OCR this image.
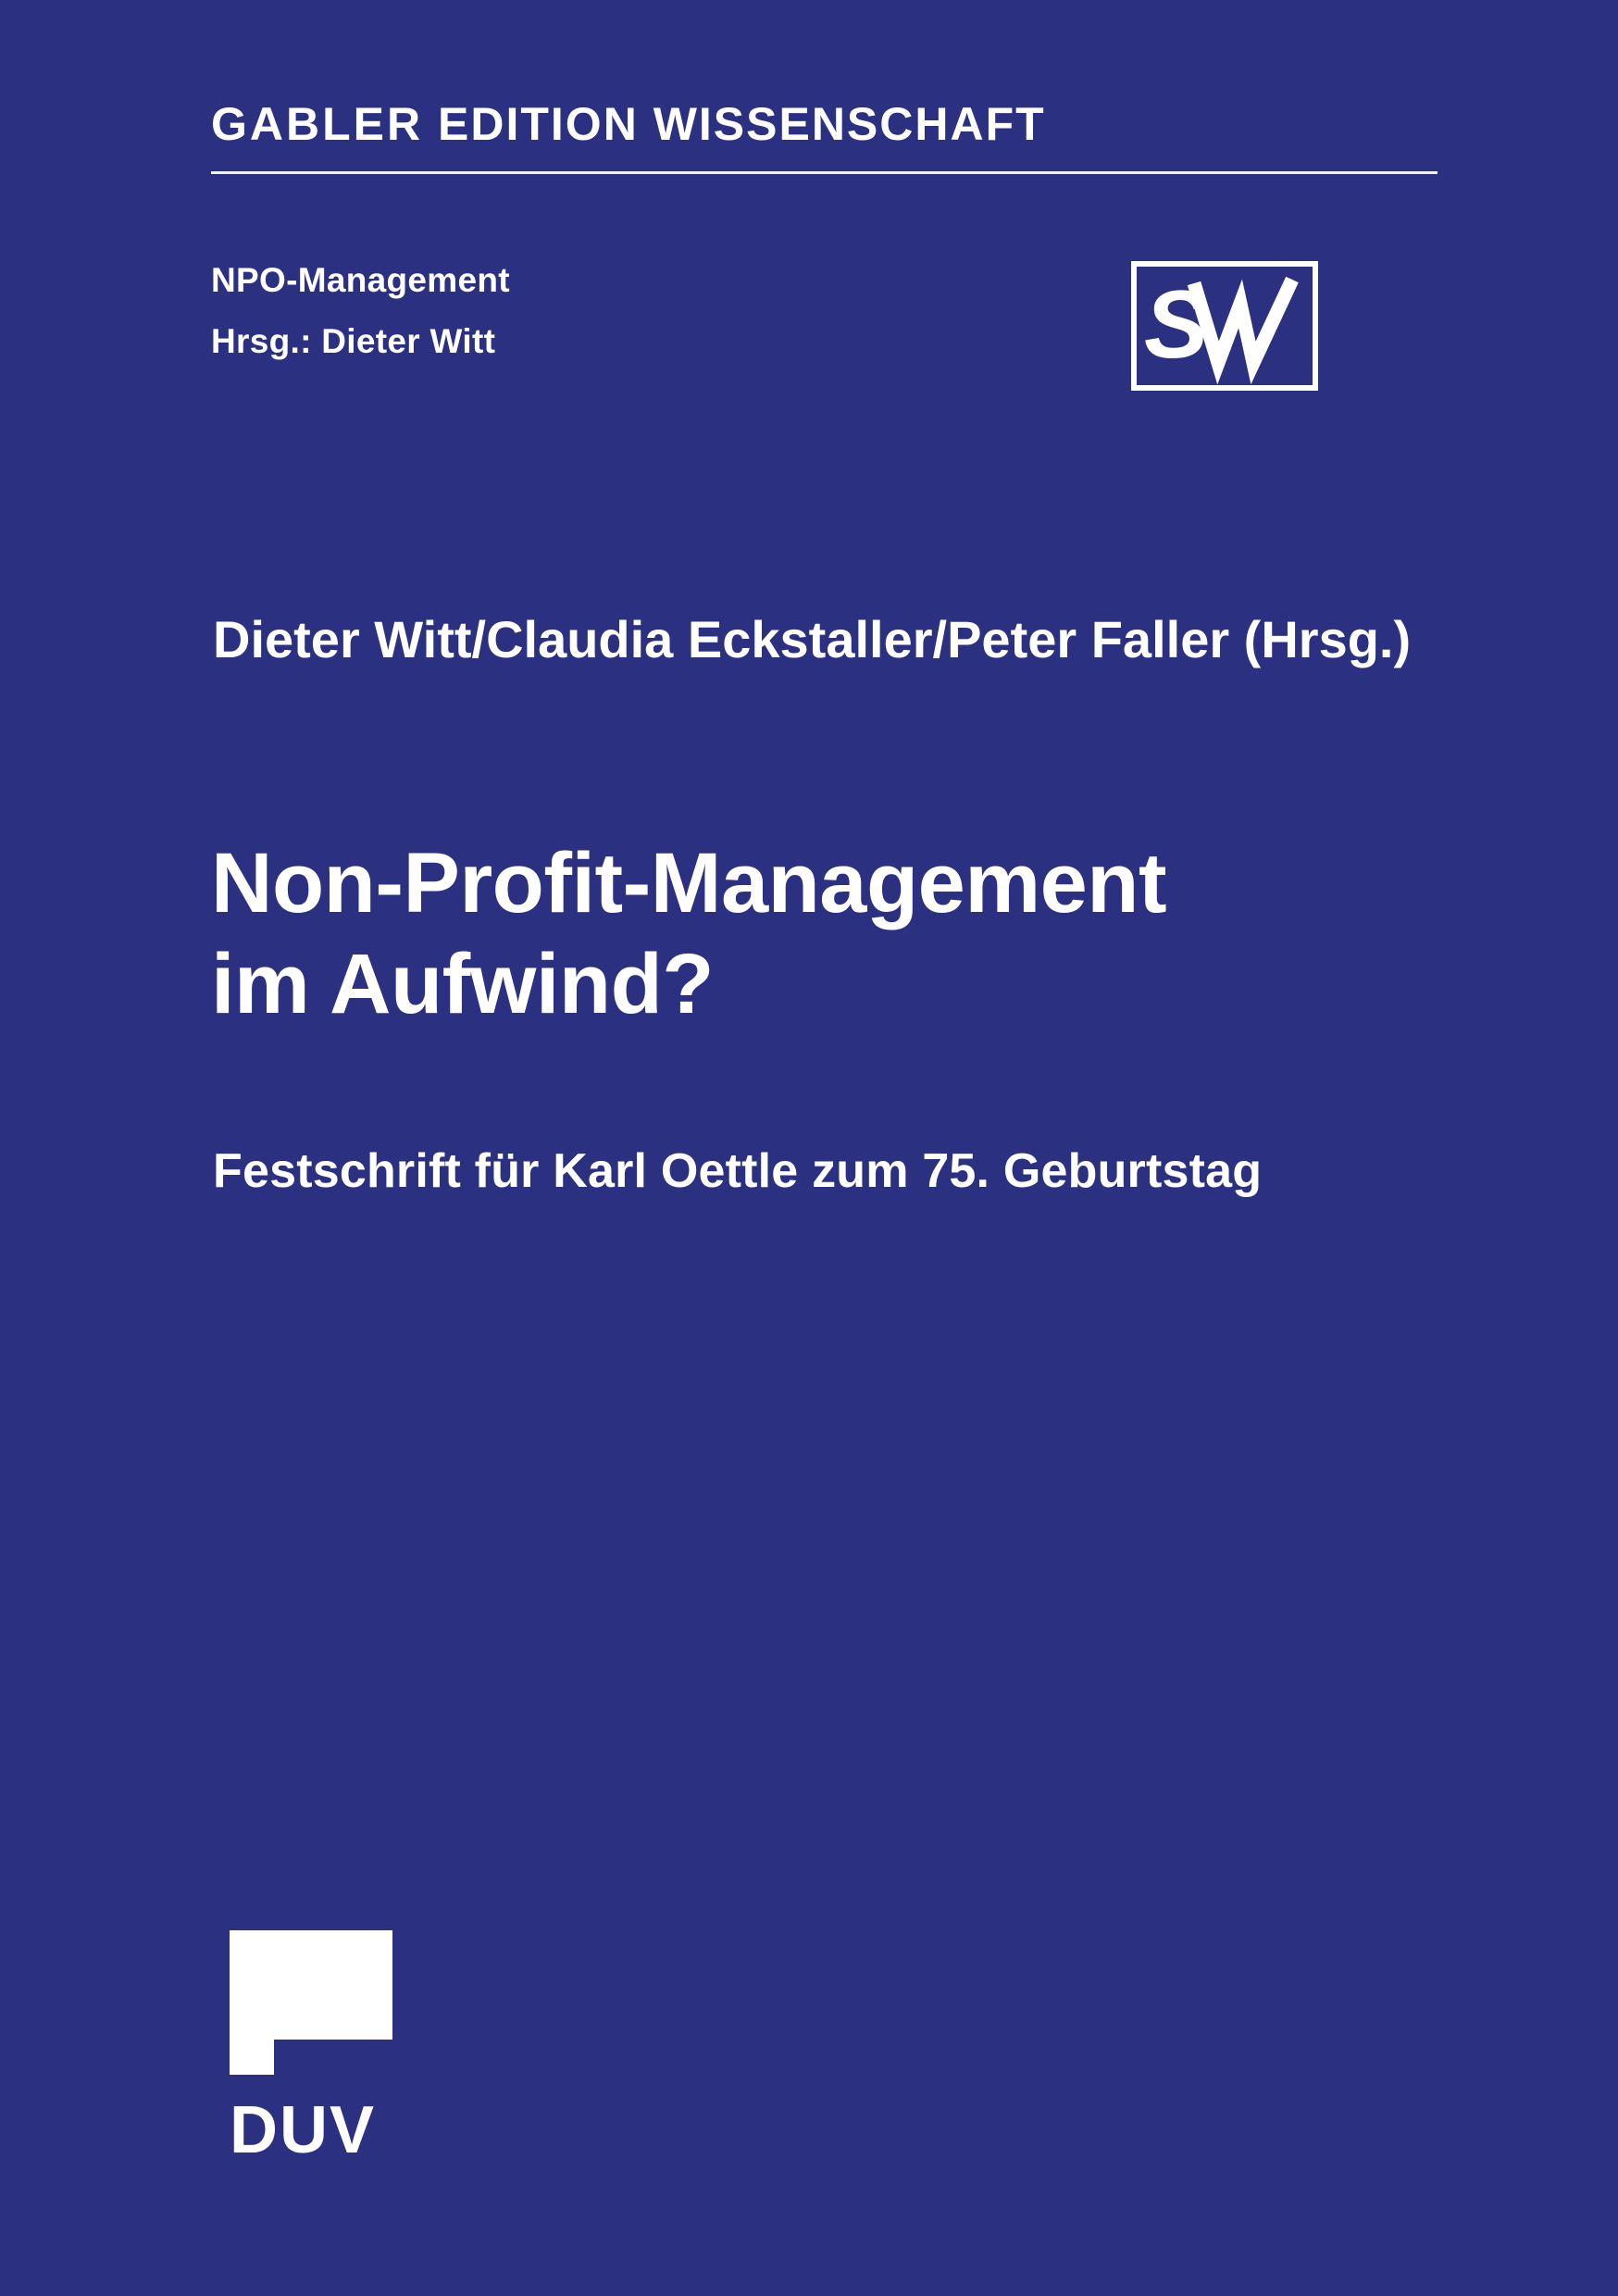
GABLER EDITION WISSENSCHAFT
NPO-Management
Hrsg.: Dieter Witt	S
Dieter Witt/Claudia Eckstaller/Peter Faller (Hrsg.)
Non-Profit-Management
im Aufwind?
Festschrift für Karl Oettle zum 75. Geburtstag
DUV
